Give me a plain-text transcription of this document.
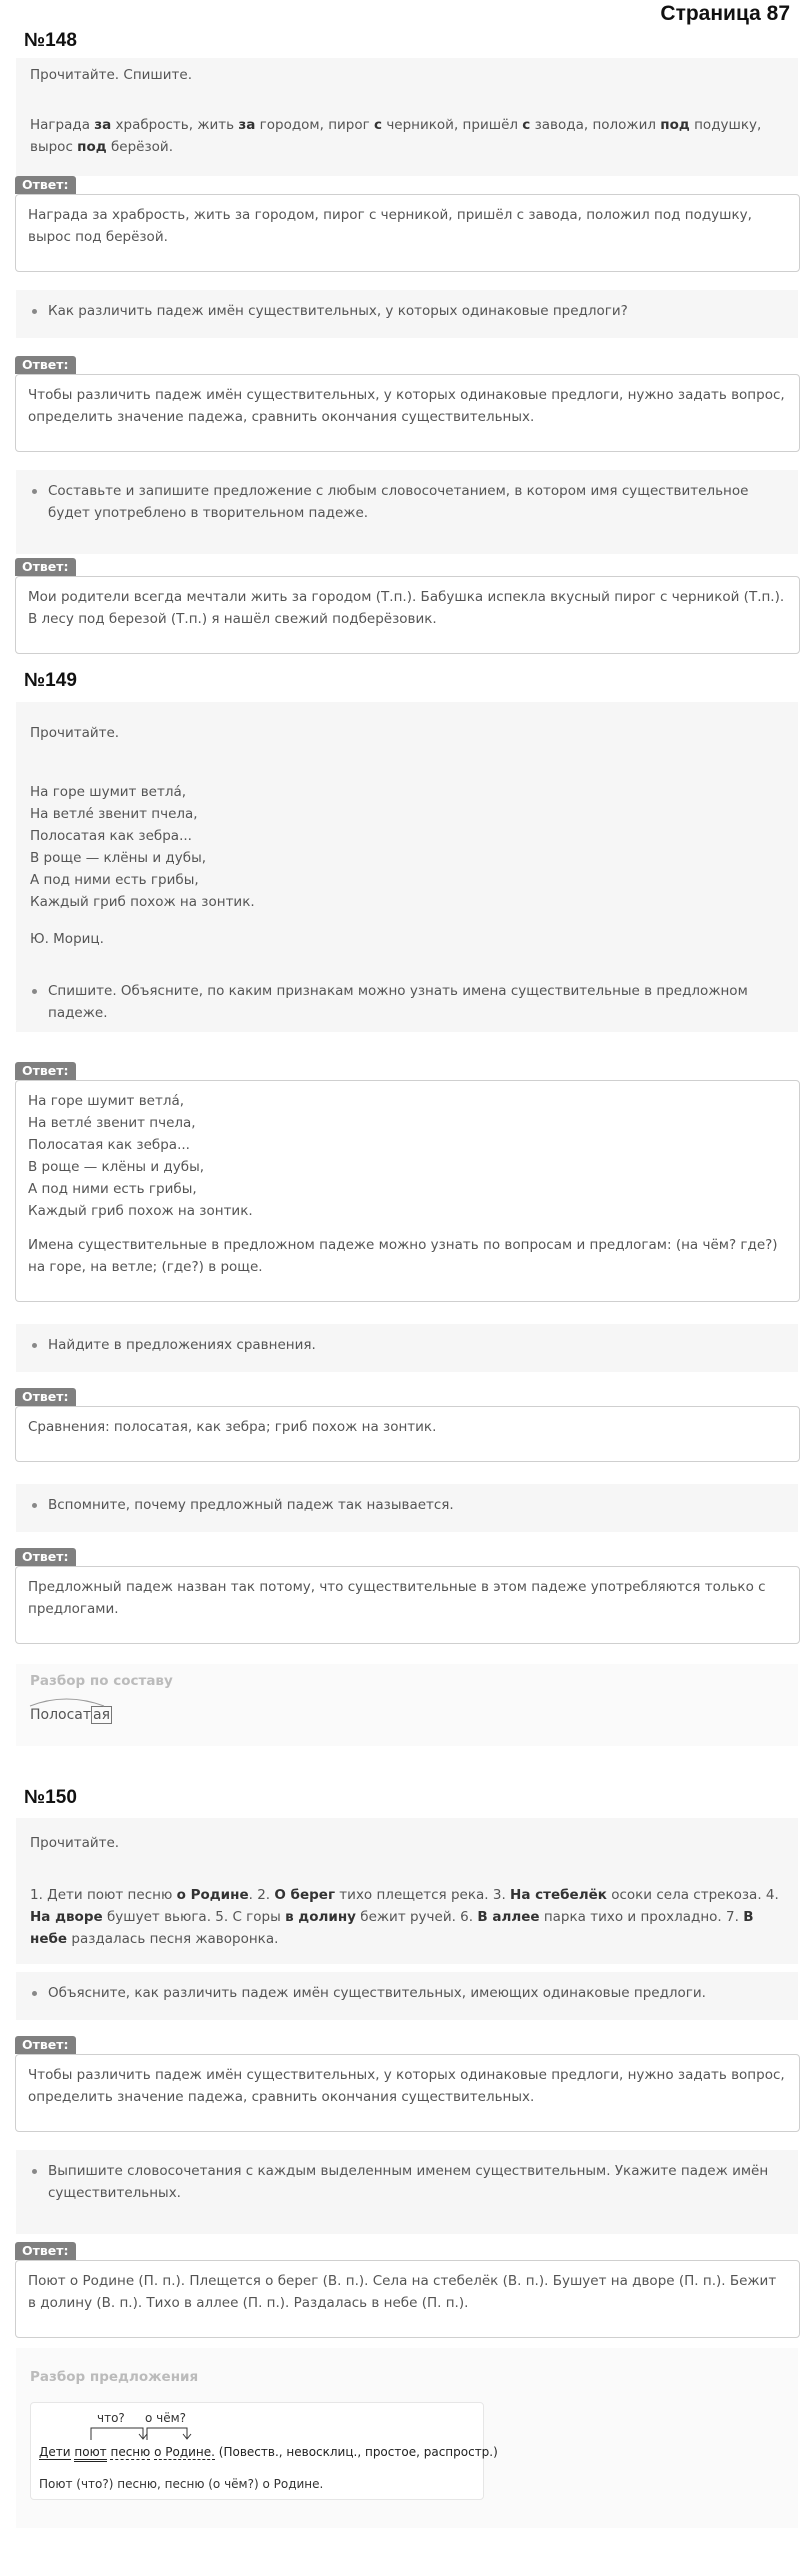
Страница 87
№148
Прочитайте. Спишите.
Награда за храбрость, жить за городом, пирог с черникой, пришёл с завода, положил под подушку, вырос под берёзой.
Ответ:
Награда за храбрость, жить за городом, пирог с черникой, пришёл с завода, положил под подушку, вырос под берёзой.
Как различить падеж имён существительных, у которых одинаковые предлоги?
Ответ:
Чтобы различить падеж имён существительных, у которых одинаковые предлоги, нужно задать вопрос, определить значение падежа, сравнить окончания существительных.
Составьте и запишите предложение с любым словосочетанием, в котором имя существительное будет употреблено в творительном падеже.
Ответ:
Мои родители всегда мечтали жить за городом (Т.п.). Бабушка испекла вкусный пирог с черникой (Т.п.). В лесу под березой (Т.п.) я нашёл свежий подберёзовик.
№149
Прочитайте.
На горе шумит ветла́,
На ветле́ звенит пчела,
Полосатая как зебра...
В роще — клёны и дубы,
А под ними есть грибы,
Каждый гриб похож на зонтик.
Ю. Мориц.
Спишите. Объясните, по каким признакам можно узнать имена существительные в предложном падеже.
Ответ:
На горе шумит ветла́,
На ветле́ звенит пчела,
Полосатая как зебра...
В роще — клёны и дубы,
А под ними есть грибы,
Каждый гриб похож на зонтик.
Имена существительные в предложном падеже можно узнать по вопросам и предлогам: (на чём? где?) на горе, на ветле; (где?) в роще.
Найдите в предложениях сравнения.
Ответ:
Сравнения: полосатая, как зебра; гриб похож на зонтик.
Вспомните, почему предложный падеж так называется.
Ответ:
Предложный падеж назван так потому, что существительные в этом падеже употребляются только с предлогами.
Разбор по составу
Полосат ая
№150
Прочитайте.
1. Дети поют песню о Родине. 2. О берег тихо плещется река. 3. На стебелёк осоки села стрекоза. 4. На дворе бушует вьюга. 5. С горы в долину бежит ручей. 6. В аллее парка тихо и прохладно. 7. В небе раздалась песня жаворонка.
Объясните, как различить падеж имён существительных, имеющих одинаковые предлоги.
Ответ:
Чтобы различить падеж имён существительных, у которых одинаковые предлоги, нужно задать вопрос, определить значение падежа, сравнить окончания существительных.
Выпишите словосочетания с каждым выделенным именем существительным. Укажите падеж имён существительных.
Ответ:
Поют о Родине (П. п.). Плещется о берег (В. п.). Села на стебелёк (В. п.). Бушует на дворе (П. п.). Бежит в долину (В. п.). Тихо в аллее (П. п.). Раздалась в небе (П. п.).
Разбор предложения
что? о чём?
Дети поют песню о Родине. (Повеств., невосклиц., простое, распростр.)
Поют (что?) песню, песню (о чём?) о Родине.
